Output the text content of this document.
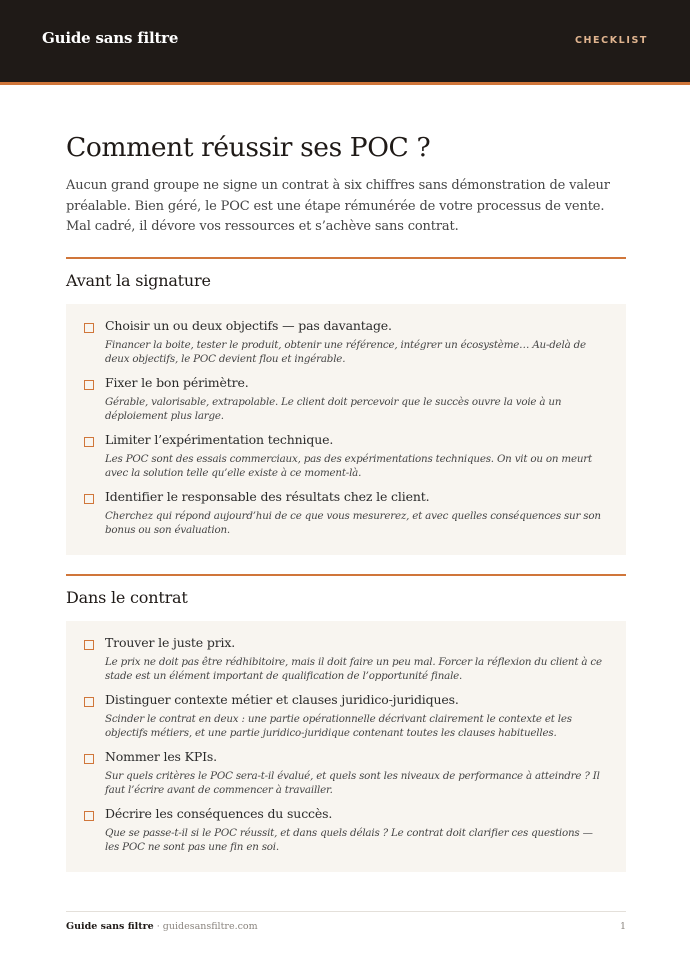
Guide sans filtre	CHECKLIST
Comment réussir ses POC ?

Aucun grand groupe ne signe un contrat à six chiffres sans démonstration de valeur préalable. Bien géré, le POC est une étape rémunérée de votre processus de vente. Mal cadré, il dévore vos ressources et s’achève sans contrat.

Avant la signature
Choisir un ou deux objectifs — pas davantage.
Financer la boite, tester le produit, obtenir une référence, intégrer un écosystème… Au-delà de deux objectifs, le POC devient flou et ingérable.
Fixer le bon périmètre.
Gérable, valorisable, extrapolable. Le client doit percevoir que le succès ouvre la voie à un déploiement plus large.
Limiter l’expérimentation technique.
Les POC sont des essais commerciaux, pas des expérimentations techniques. On vit ou on meurt avec la solution telle qu’elle existe à ce moment-là.
Identifier le responsable des résultats chez le client.
Cherchez qui répond aujourd’hui de ce que vous mesurerez, et avec quelles conséquences sur son bonus ou son évaluation.
Dans le contrat
Trouver le juste prix.
Le prix ne doit pas être rédhibitoire, mais il doit faire un peu mal. Forcer la réflexion du client à ce stade est un élément important de qualification de l’opportunité finale.
Distinguer contexte métier et clauses juridico-juridiques.
Scinder le contrat en deux : une partie opérationnelle décrivant clairement le contexte et les objectifs métiers, et une partie juridico-juridique contenant toutes les clauses habituelles.
Nommer les KPIs.
Sur quels critères le POC sera-t-il évalué, et quels sont les niveaux de performance à atteindre ? Il faut l’écrire avant de commencer à travailler.
Décrire les conséquences du succès.
Que se passe-t-il si le POC réussit, et dans quels délais ? Le contrat doit clarifier ces questions — les POC ne sont pas une fin en soi.
Guide sans filtre · guidesansfiltre.com	1
